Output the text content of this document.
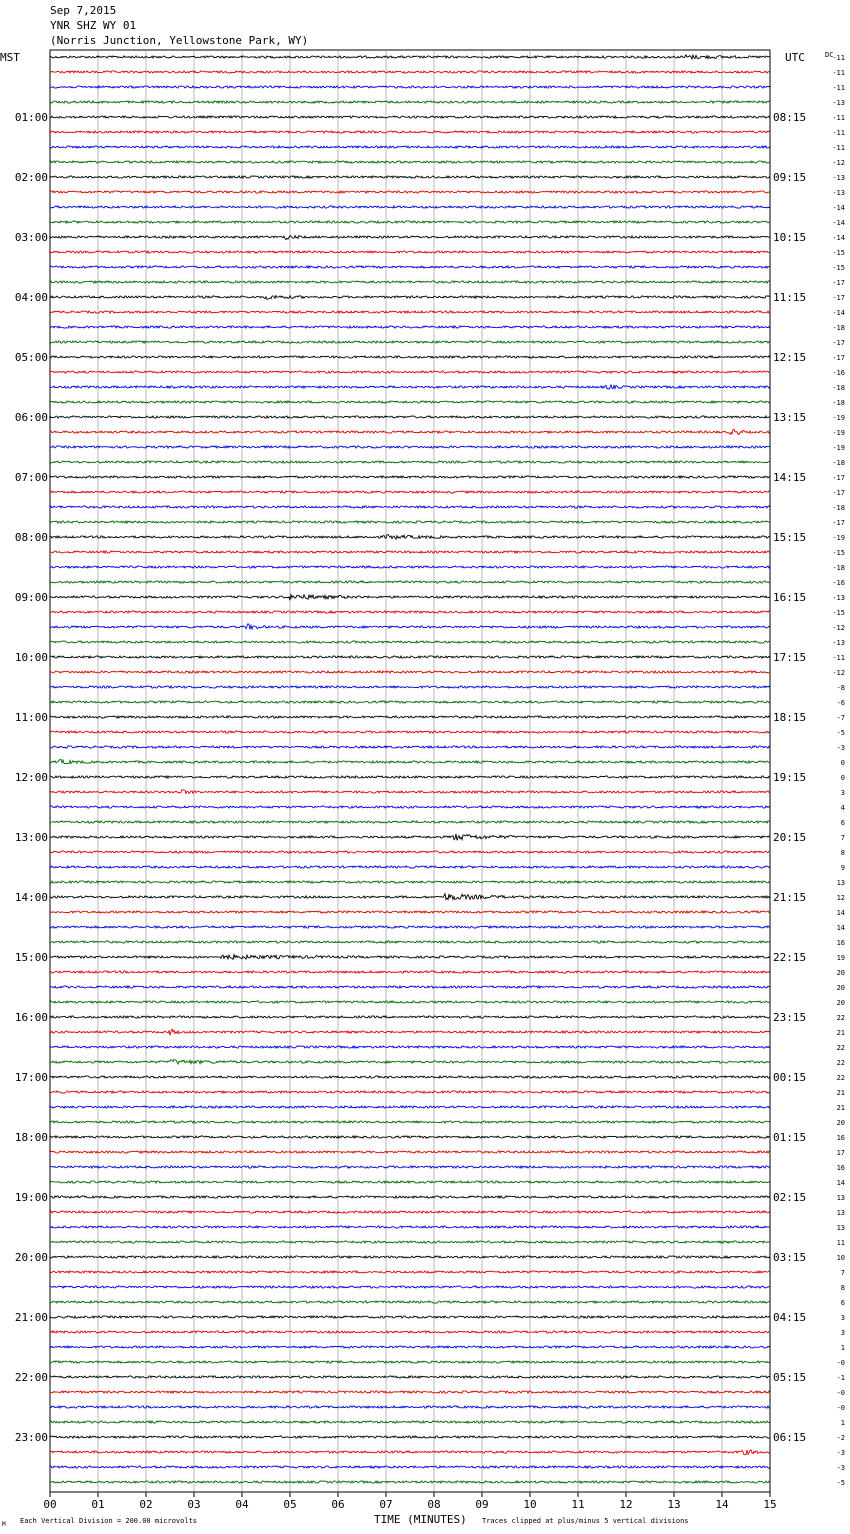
Sep 7,2015
YNR SHZ WY 01
(Norris Junction, Yellowstone Park, WY)
00	01	02	03	04	05	06	07	08	09	10	11	12	13	14	15
01:00
02:00
03:00
04:00
05:00
06:00
07:00
08:00
09:00
10:00
11:00
12:00
13:00
14:00
15:00
16:00
17:00
18:00
19:00
20:00
21:00
22:00
23:00
08:15
09:15
10:15
11:15
12:15
13:15
14:15
15:15
16:15
17:15
18:15
19:15
20:15
21:15
22:15
23:15
00:15
01:15
02:15
03:15
04:15
05:15
06:15
-11
-11
-11
-13
-11
-11
-11
-12
-13
-13
-14
-14
-14
-15
-15
-17
-17
-14
-18
-17
-17
-16
-18
-18
-19
-19
-19
-18
-17
-17
-18
-17
-19
-15
-18
-16
-13
-15
-12
-13
-11
-12
-8
-6
-7
-5
-3
0
0
3
4
6
7
8
9
13
12
14
14
16
19
20
20
20
22
21
22
22
22
21
21
20
16
17
16
14
13
13
13
11
10
7
8
6
3
3
1
-0
-1
-0
-0
1
-2
-3
-3
-5
MST	UTC	DC
TIME (MINUTES)
Each Vertical Division = 200.00 microvolts	Traces clipped at plus/minus 5 vertical divisions
M
